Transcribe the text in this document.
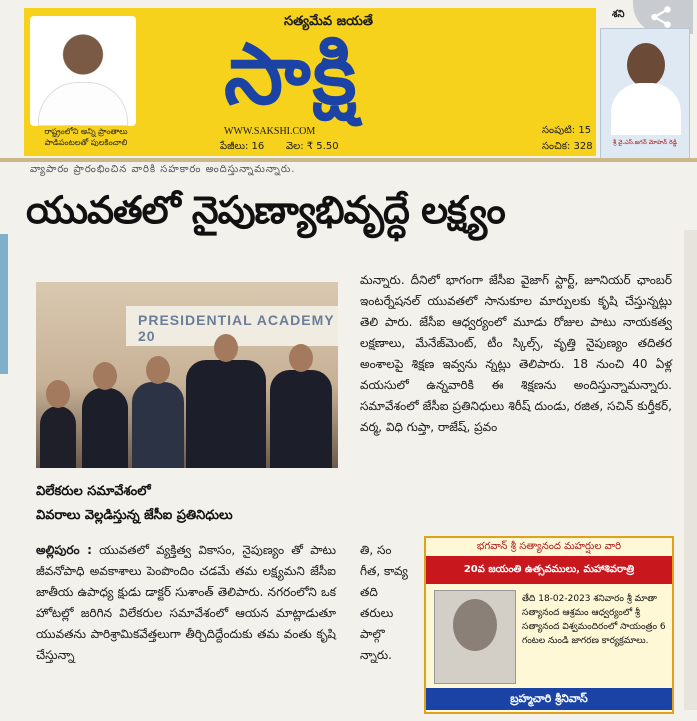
రాష్ట్రంలోని అన్ని ప్రాంతాలు పాడిపంటలతో పులకించాలి
సత్యమేవ జయతే
సాక్షి
WWW.SAKSHI.COM
పేజీలు: 16 వెల: ₹ 5.50
సంపుటి: 15
సంచిక: 328
శని
శ్రీ వై.ఎస్.జగన్ మోహన్ రెడ్డి
వ్యాపారం ప్రారంభించిన వారికి సహకారం అందిస్తున్నామన్నారు.
యువతలో నైపుణ్యాభివృద్ధే లక్ష్యం
PRESIDENTIAL ACADEMY 20
విలేకరుల సమావేశంలో
వివరాలు వెల్లడిస్తున్న జేసీఐ ప్రతినిధులు
అల్లిపురం : యువతలో వ్యక్తిత్వ వికాసం, నైపుణ్యం తో పాటు జీవనోపాధి అవకాశాలు పెంపొందిం చడమే తమ లక్ష్యమని జేసీఐ జాతీయ ఉపాధ్య క్షుడు డాక్టర్ సుశాంత్ తెలిపారు. నగరంలోని ఒక హోటల్లో జరిగిన విలేకరుల సమావేశంలో ఆయన మాట్లాడుతూ యువతను పారిశ్రామికవేత్తలుగా తీర్చిదిద్దేందుకు తమ వంతు కృషి చేస్తున్నా
మన్నారు. దీనిలో భాగంగా జేసీఐ వైజాగ్ స్టార్ట్, జూనియర్ ఛాంబర్ ఇంటర్నేషనల్ యువతలో సానుకూల మార్పులకు కృషి చేస్తున్నట్లు తెలి పారు. జేసీఐ ఆధ్వర్యంలో మూడు రోజుల పాటు నాయకత్వ లక్షణాలు, మేనేజ్‌మెంట్, టీం స్కిల్స్, వృత్తి నైపుణ్యం తదితర అంశాలపై శిక్షణ ఇవ్వను న్నట్లు తెలిపారు. 18 నుంచి 40 ఏళ్ల వయసులో ఉన్నవారికి ఈ శిక్షణను అందిస్తున్నామన్నారు. సమావేశంలో జేసీఐ ప్రతినిధులు శిరీష్ దుండు, రజిత, సచిన్ కుర్తీకర్, వర్మ, విధి గుప్తా, రాజేష్, ప్రవం
తి, సం గీత, కావ్య తది తరులు పాల్గొ న్నారు.
భగవాన్ శ్రీ సత్యానంద మహర్షుల వారి
20వ జయంతి ఉత్సవములు, మహాశివరాత్రి
తేది 18-02-2023 శనివారం శ్రీ మాతా సత్యానంద ఆశ్రమం ఆధ్వర్యంలో శ్రీ సత్యానంద విశ్వమందిరంలో సాయంత్రం 6 గంటల నుండి జాగరణ కార్యక్రమాలు.
బ్రహ్మచారి శ్రీనివాస్
